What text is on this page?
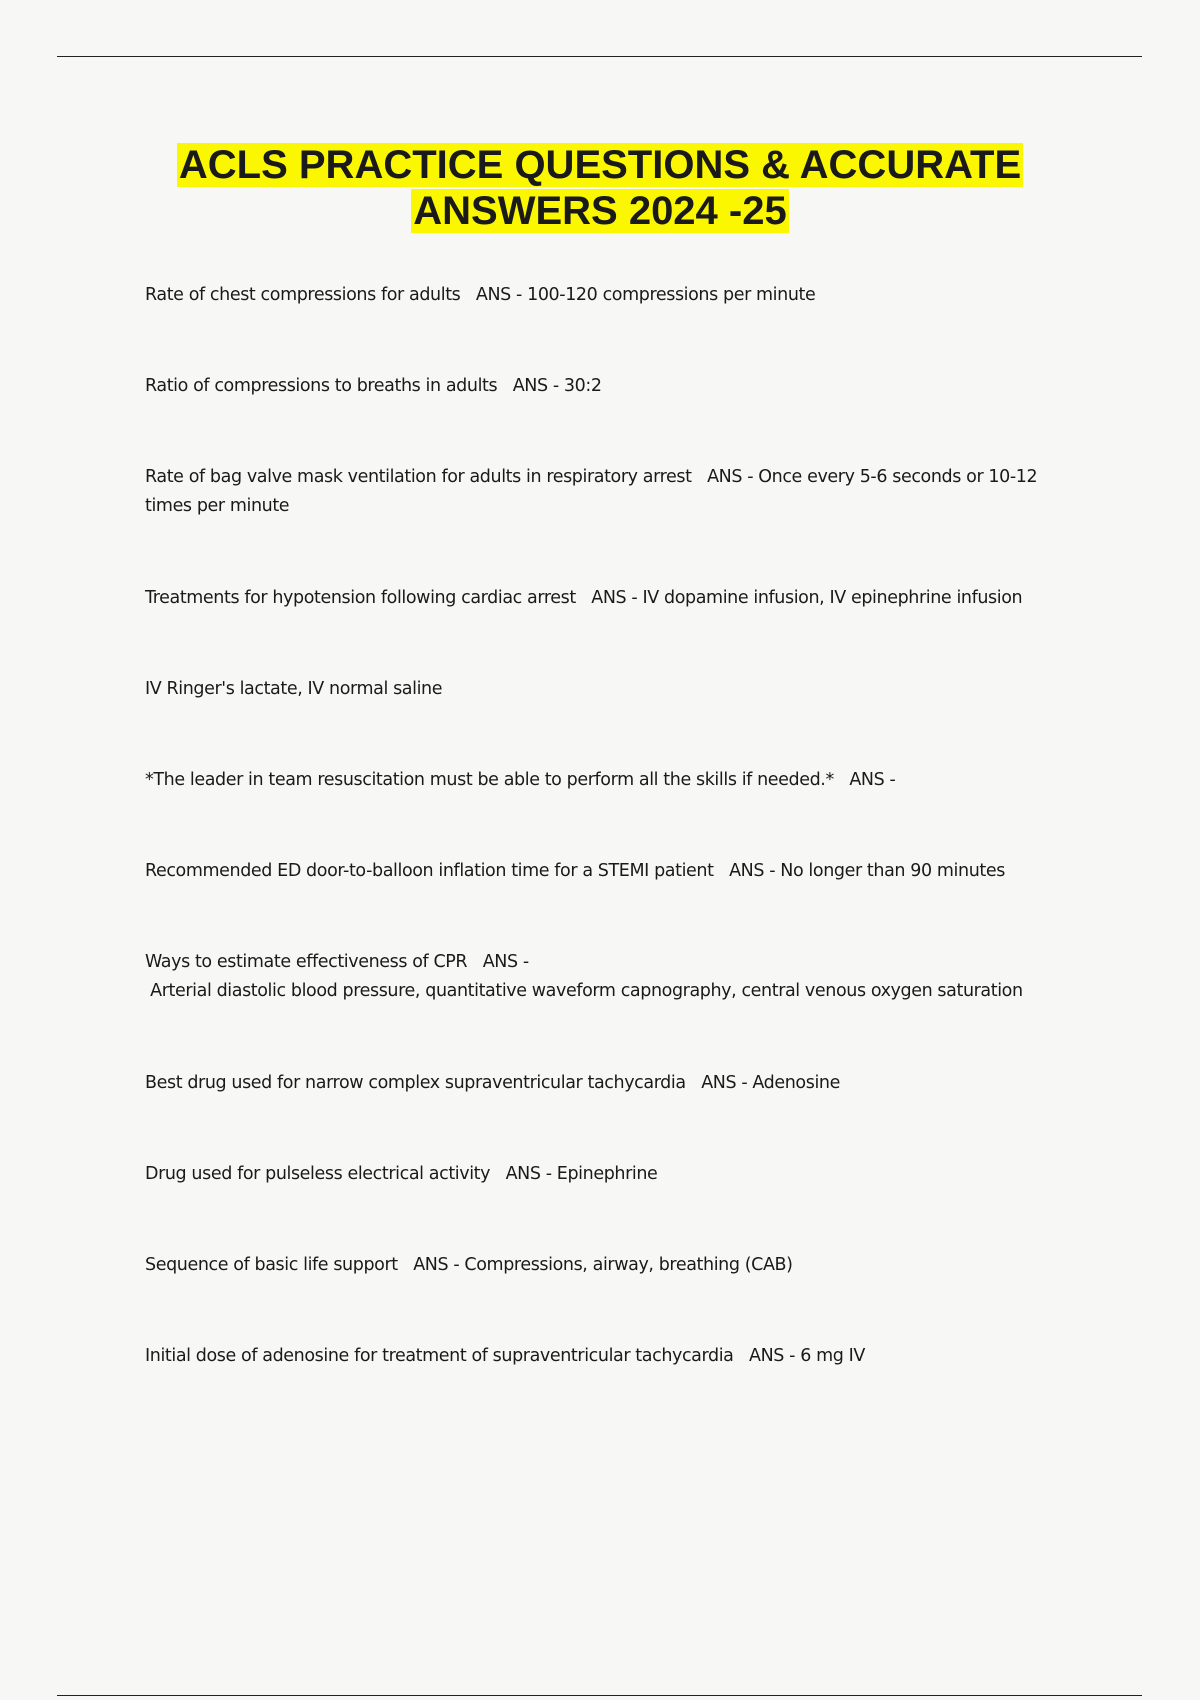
ACLS PRACTICE QUESTIONS & ACCURATE
ANSWERS 2024 -25
Rate of chest compressions for adults ANS - 100-120 compressions per minute
Ratio of compressions to breaths in adults ANS - 30:2
Rate of bag valve mask ventilation for adults in respiratory arrest ANS - Once every 5-6 seconds or 10-12 times per minute
Treatments for hypotension following cardiac arrest ANS - IV dopamine infusion, IV epinephrine infusion
IV Ringer's lactate, IV normal saline
*The leader in team resuscitation must be able to perform all the skills if needed.* ANS -
Recommended ED door-to-balloon inflation time for a STEMI patient ANS - No longer than 90 minutes
Ways to estimate effectiveness of CPR ANS -
Arterial diastolic blood pressure, quantitative waveform capnography, central venous oxygen saturation
Best drug used for narrow complex supraventricular tachycardia ANS - Adenosine
Drug used for pulseless electrical activity ANS - Epinephrine
Sequence of basic life support ANS - Compressions, airway, breathing (CAB)
Initial dose of adenosine for treatment of supraventricular tachycardia ANS - 6 mg IV
